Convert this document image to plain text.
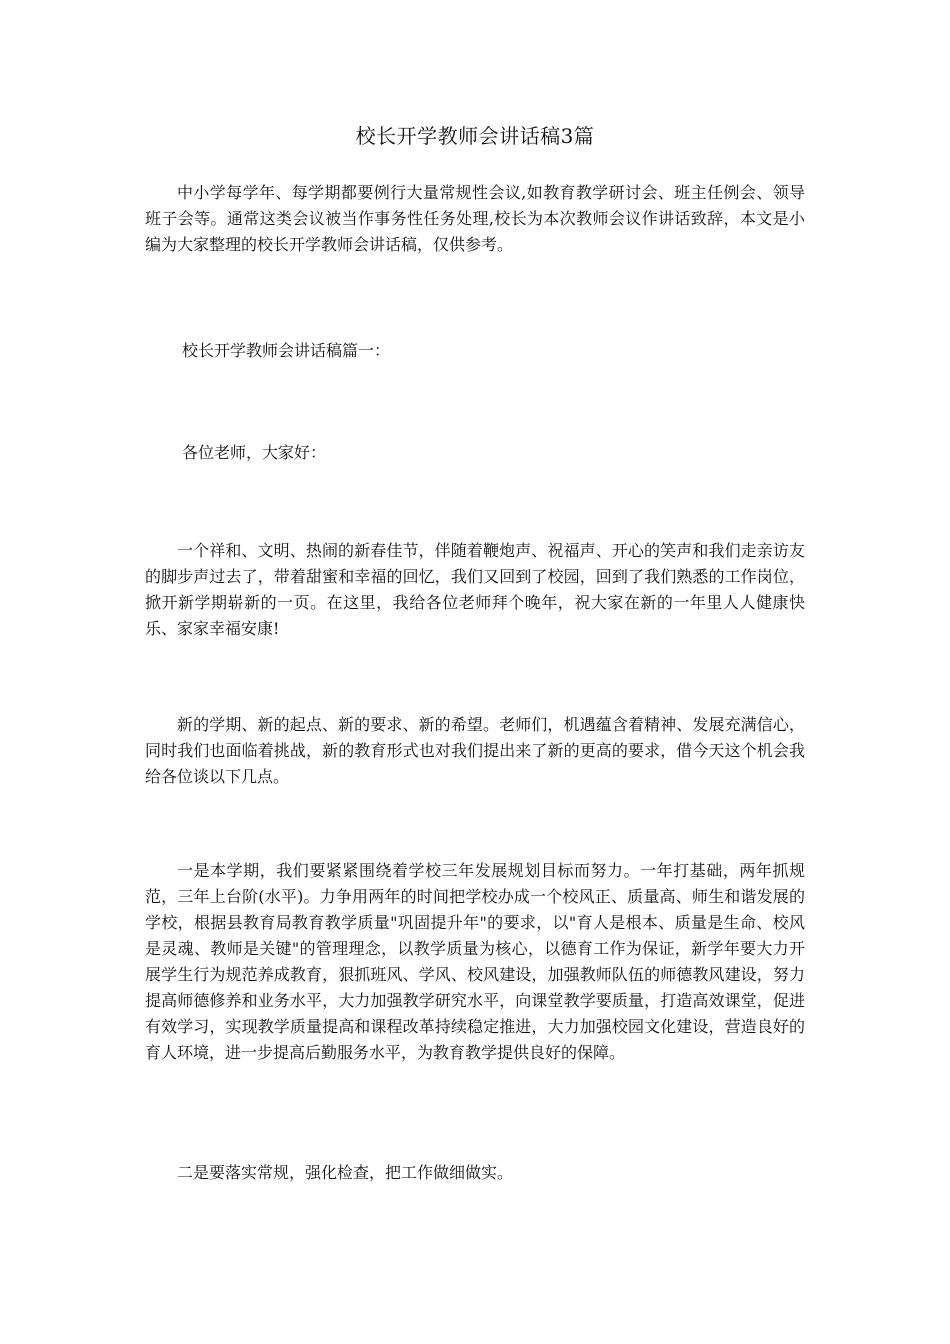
校长开学教师会讲话稿3篇

中小学每学年、每学期都要例行大量常规性会议,如教育教学研讨会、班主任例会、领导班子会等。通常这类会议被当作事务性任务处理,校长为本次教师会议作讲话致辞，本文是小编为大家整理的校长开学教师会讲话稿，仅供参考。

校长开学教师会讲话稿篇一：

各位老师，大家好：

一个祥和、文明、热闹的新春佳节，伴随着鞭炮声、祝福声、开心的笑声和我们走亲访友的脚步声过去了，带着甜蜜和幸福的回忆，我们又回到了校园，回到了我们熟悉的工作岗位，掀开新学期崭新的一页。在这里，我给各位老师拜个晚年，祝大家在新的一年里人人健康快乐、家家幸福安康!

新的学期、新的起点、新的要求、新的希望。老师们，机遇蕴含着精神、发展充满信心，同时我们也面临着挑战，新的教育形式也对我们提出来了新的更高的要求，借今天这个机会我给各位谈以下几点。

一是本学期，我们要紧紧围绕着学校三年发展规划目标而努力。一年打基础，两年抓规范，三年上台阶(水平)。力争用两年的时间把学校办成一个校风正、质量高、师生和谐发展的学校，根据县教育局教育教学质量"巩固提升年"的要求，以"育人是根本、质量是生命、校风是灵魂、教师是关键"的管理理念，以教学质量为核心，以德育工作为保证，新学年要大力开展学生行为规范养成教育，狠抓班风、学风、校风建设，加强教师队伍的师德教风建设，努力提高师德修养和业务水平，大力加强教学研究水平，向课堂教学要质量，打造高效课堂，促进有效学习，实现教学质量提高和课程改革持续稳定推进，大力加强校园文化建设，营造良好的育人环境，进一步提高后勤服务水平，为教育教学提供良好的保障。

二是要落实常规，强化检查，把工作做细做实。
